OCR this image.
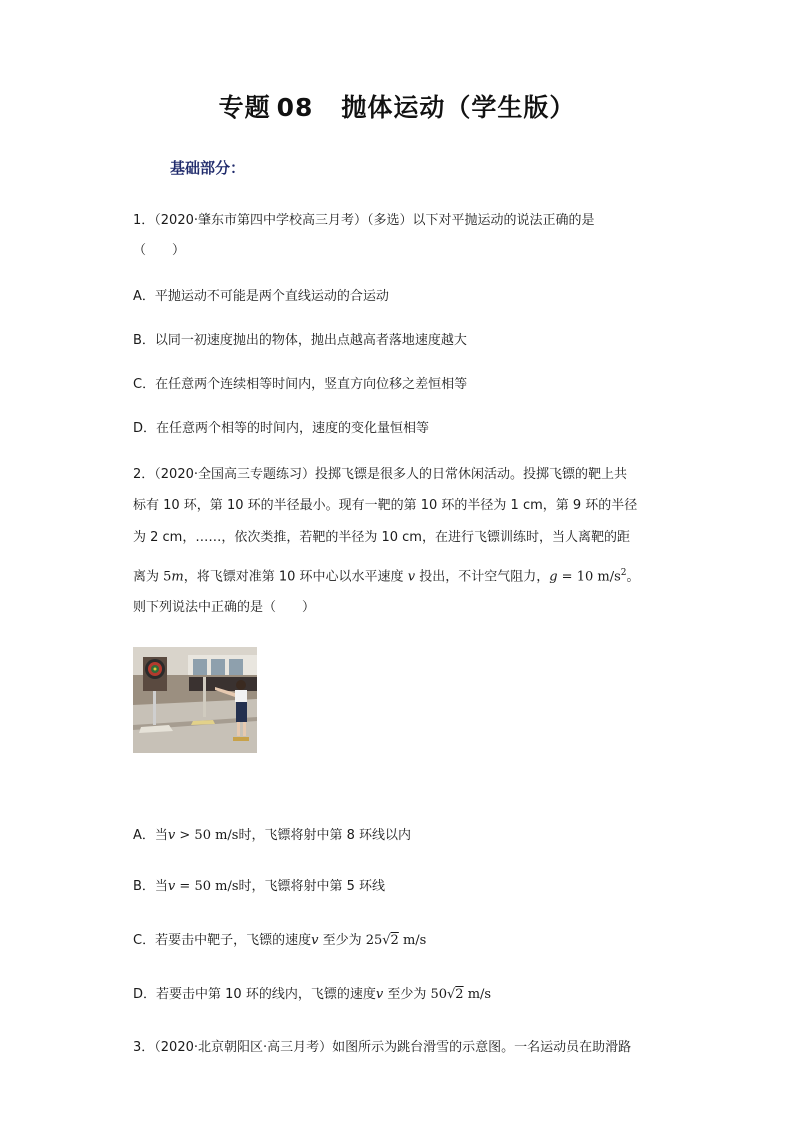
专题 08 抛体运动（学生版）
基础部分：
1．（2020·肇东市第四中学校高三月考）（多选）以下对平抛运动的说法正确的是
（　　）
A．平抛运动不可能是两个直线运动的合运动
B．以同一初速度抛出的物体，抛出点越高者落地速度越大
C．在任意两个连续相等时间内，竖直方向位移之差恒相等
D．在任意两个相等的时间内，速度的变化量恒相等
2．（2020·全国高三专题练习）投掷飞镖是很多人的日常休闲活动。投掷飞镖的靶上共
标有 10 环，第 10 环的半径最小。现有一靶的第 10 环的半径为 1 cm，第 9 环的半径
为 2 cm，……，依次类推，若靶的半径为 10 cm，在进行飞镖训练时，当人离靶的距
离为 5m，将飞镖对准第 10 环中心以水平速度 v 投出，不计空气阻力，g = 10 $m/s^2$。
则下列说法中正确的是（　　）
A．当v > 50 m/s时，飞镖将射中第 8 环线以内
B．当v = 50 m/s时，飞镖将射中第 5 环线
C．若要击中靶子，飞镖的速度v 至少为 25√2 m/s
D．若要击中第 10 环的线内，飞镖的速度v 至少为 50√2 m/s
3．（2020·北京朝阳区·高三月考）如图所示为跳台滑雪的示意图。一名运动员在助滑路
